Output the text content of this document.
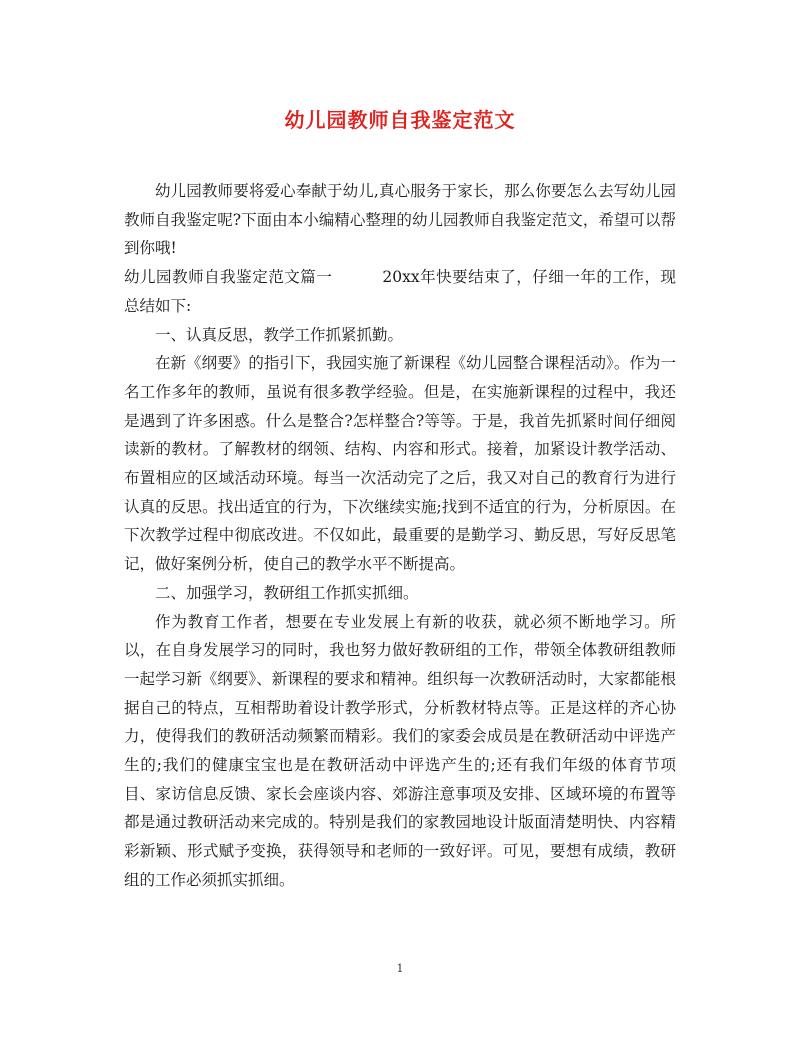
幼儿园教师自我鉴定范文

幼儿园教师要将爱心奉献于幼儿,真心服务于家长，那么你要怎么去写幼儿园教师自我鉴定呢?下面由本小编精心整理的幼儿园教师自我鉴定范文，希望可以帮到你哦!

幼儿园教师自我鉴定范文篇一	20xx年快要结束了，仔细一年的工作，现总结如下:

一、认真反思，教学工作抓紧抓勤。

在新《纲要》的指引下，我园实施了新课程《幼儿园整合课程活动》。作为一名工作多年的教师，虽说有很多教学经验。但是，在实施新课程的过程中，我还是遇到了许多困惑。什么是整合?怎样整合?等等。于是，我首先抓紧时间仔细阅读新的教材。了解教材的纲领、结构、内容和形式。接着，加紧设计教学活动、布置相应的区域活动环境。每当一次活动完了之后，我又对自己的教育行为进行认真的反思。找出适宜的行为，下次继续实施;找到不适宜的行为，分析原因。在下次教学过程中彻底改进。不仅如此，最重要的是勤学习、勤反思，写好反思笔记，做好案例分析，使自己的教学水平不断提高。

二、加强学习，教研组工作抓实抓细。

作为教育工作者，想要在专业发展上有新的收获，就必须不断地学习。所以，在自身发展学习的同时，我也努力做好教研组的工作，带领全体教研组教师一起学习新《纲要》、新课程的要求和精神。组织每一次教研活动时，大家都能根据自己的特点，互相帮助着设计教学形式，分析教材特点等。正是这样的齐心协力，使得我们的教研活动频繁而精彩。我们的家委会成员是在教研活动中评选产生的;我们的健康宝宝也是在教研活动中评选产生的;还有我们年级的体育节项目、家访信息反馈、家长会座谈内容、郊游注意事项及安排、区域环境的布置等都是通过教研活动来完成的。特别是我们的家教园地设计版面清楚明快、内容精彩新颖、形式赋予变换，获得领导和老师的一致好评。可见，要想有成绩，教研组的工作必须抓实抓细。

1
